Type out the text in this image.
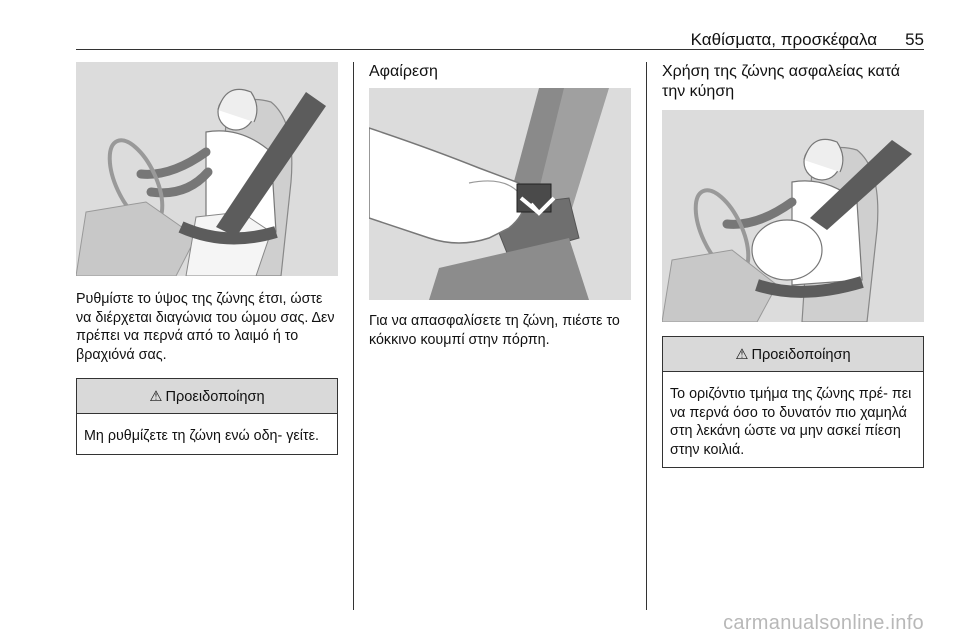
Καθίσματα, προσκέφαλα 55

Ρυθμίστε το ύψος της ζώνης έτσι, ώστε να διέρχεται διαγώνια του ώμου σας. Δεν πρέπει να περνά από το λαιμό ή το βραχιόνά σας.

⚠ Προειδοποίηση
Μη ρυθμίζετε τη ζώνη ενώ οδη- γείτε.
Αφαίρεση

Για να απασφαλίσετε τη ζώνη, πιέστε το κόκκινο κουμπί στην πόρπη.

Χρήση της ζώνης ασφαλείας κατά την κύηση
⚠ Προειδοποίηση
Το οριζόντιο τμήμα της ζώνης πρέ- πει να περνά όσο το δυνατόν πιο χαμηλά στη λεκάνη ώστε να μην ασκεί πίεση στην κοιλιά.
carmanualsonline.info
